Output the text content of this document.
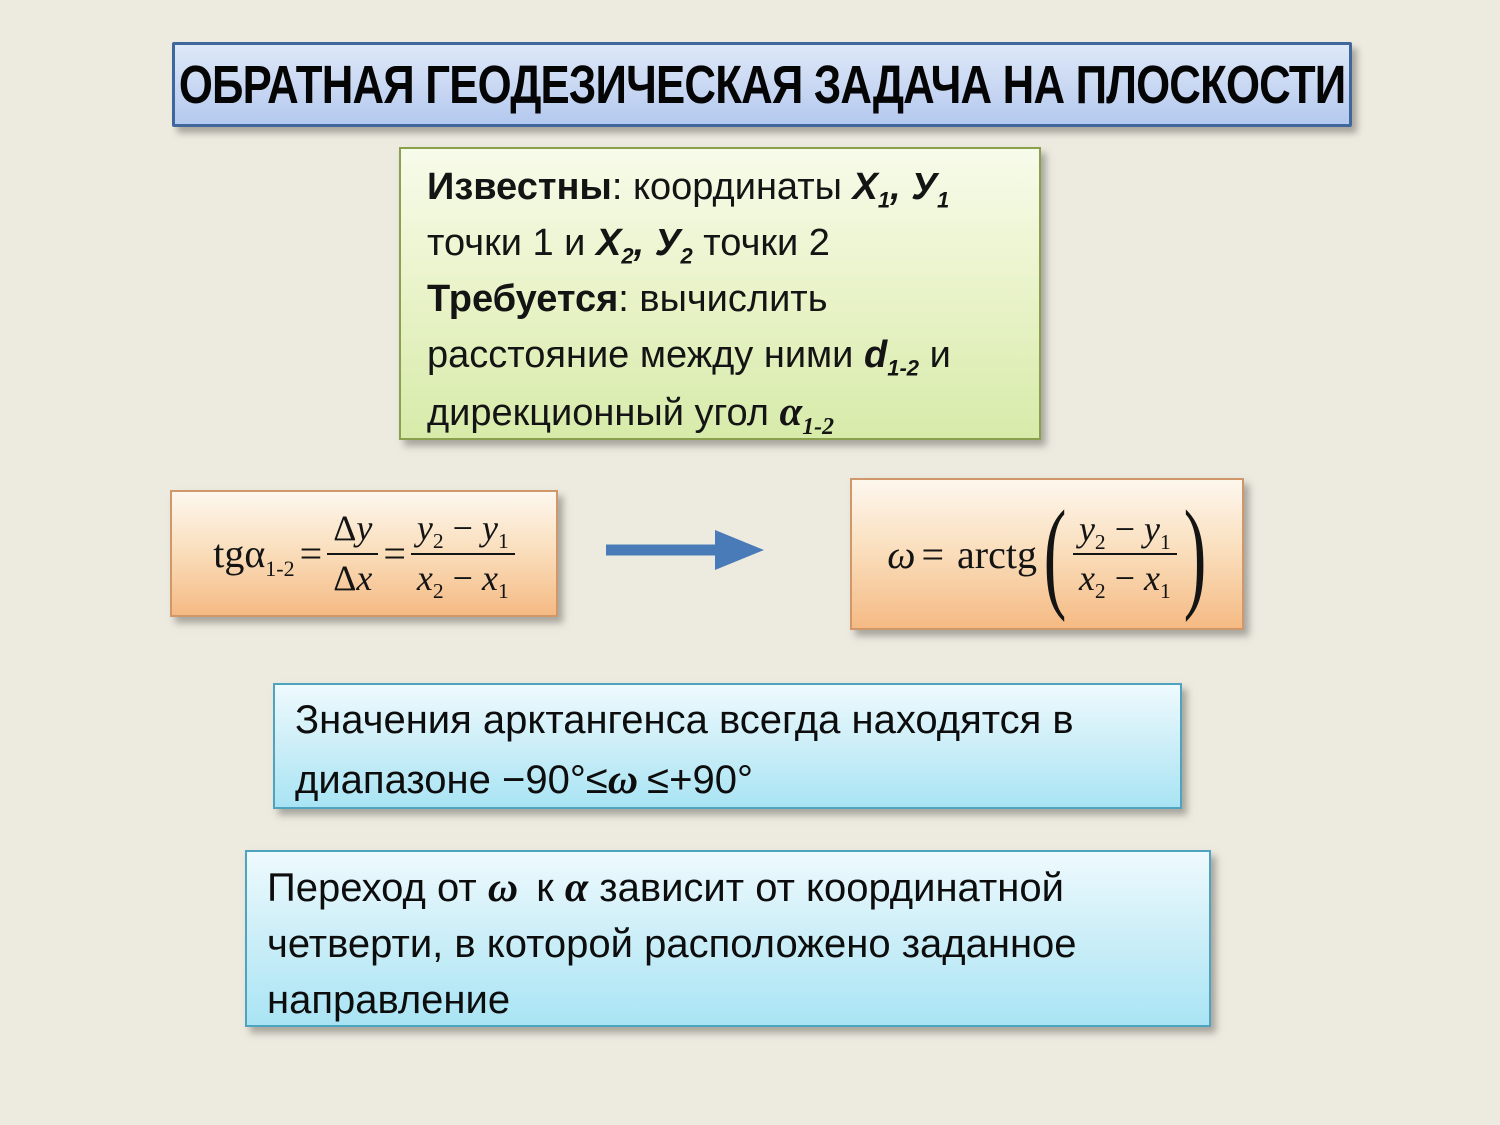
ОБРАТНАЯ ГЕОДЕЗИЧЕСКАЯ ЗАДАЧА НА ПЛОСКОСТИ
Известны: координаты $Х_1$, $У_1$
точки 1 и $Х_2$, $У_2$ точки 2
Требуется: вычислить
расстояние между ними $d_{1-2}$ и
дирекционный угол $\alpha_{1-2}$
$tg\alpha_{1-2} = \frac{\Delta y}{\Delta x} = \frac{y_2 - y_1}{x_2 - x_1}$	ω = arctg ( $\frac{y_2 - y_1}{x_2 - x_1}$ )
Значения арктангенса всегда находятся в
диапазоне −90°≤ω ≤+90°
Переход от ω к α зависит от координатной
четверти, в которой расположено заданное
направление
